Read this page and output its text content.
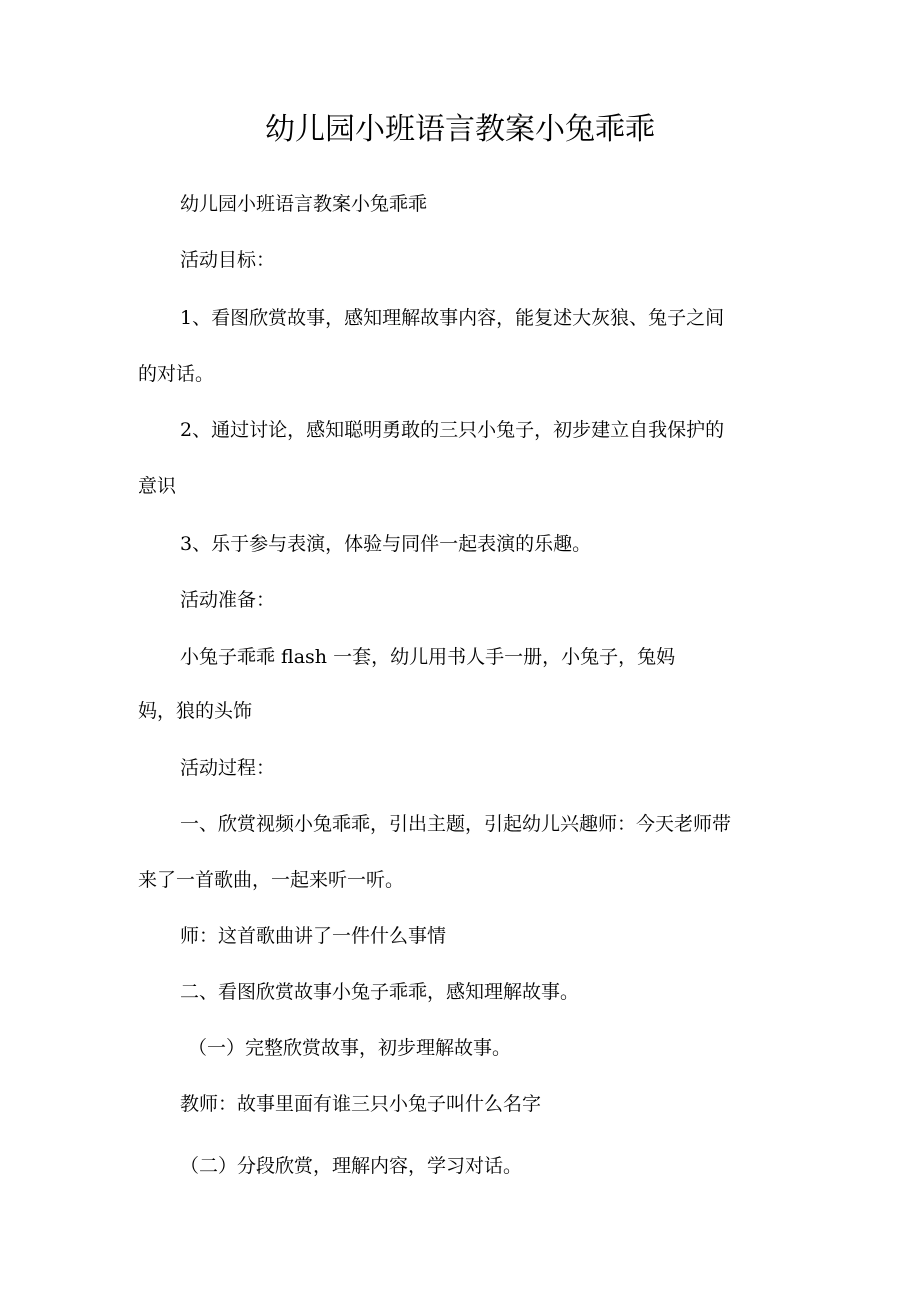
幼儿园小班语言教案小兔乖乖

幼儿园小班语言教案小兔乖乖

活动目标：

1、看图欣赏故事，感知理解故事内容，能复述大灰狼、兔子之间

的对话。

2、通过讨论，感知聪明勇敢的三只小兔子，初步建立自我保护的

意识

3、乐于参与表演，体验与同伴一起表演的乐趣。

活动准备：

小兔子乖乖 flash 一套，幼儿用书人手一册，小兔子，兔妈

妈，狼的头饰

活动过程：

一、欣赏视频小兔乖乖，引出主题，引起幼儿兴趣师：今天老师带

来了一首歌曲，一起来听一听。

师：这首歌曲讲了一件什么事情

二、看图欣赏故事小兔子乖乖，感知理解故事。

（一）完整欣赏故事，初步理解故事。

教师：故事里面有谁三只小兔子叫什么名字

（二）分段欣赏，理解内容，学习对话。
